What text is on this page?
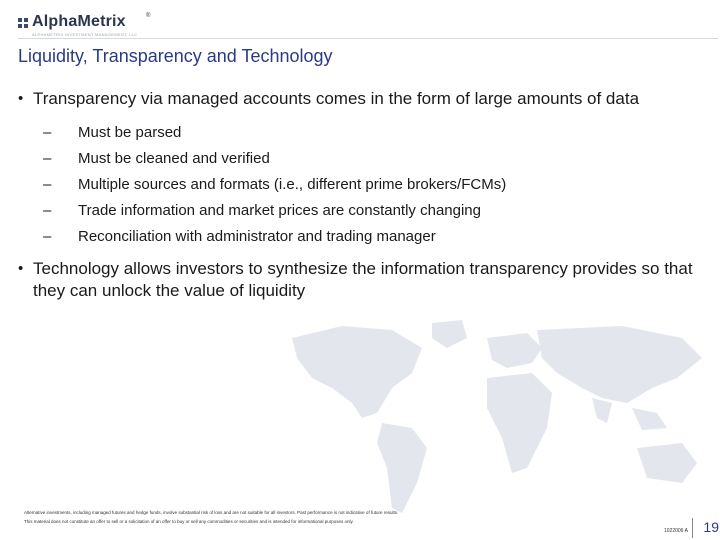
AlphaMetrix	®
ALPHAMETRIX INVESTMENT MANAGEMENT, LLC
Liquidity, Transparency and Technology
• Transparency via managed accounts comes in the form of large amounts of data
– Must be parsed
– Must be cleaned and verified
– Multiple sources and formats (i.e., different prime brokers/FCMs)
– Trade information and market prices are constantly changing
– Reconciliation with administrator and trading manager
• Technology allows investors to synthesize the information transparency provides so that they can unlock the value of liquidity
Alternative investments, including managed futures and hedge funds, involve substantial risk of loss and are not suitable for all investors. Past performance is not indicative of future results.
This material does not constitute an offer to sell or a solicitation of an offer to buy or sell any commodities or securities and is intended for informational purposes only.
1022006 A	19
